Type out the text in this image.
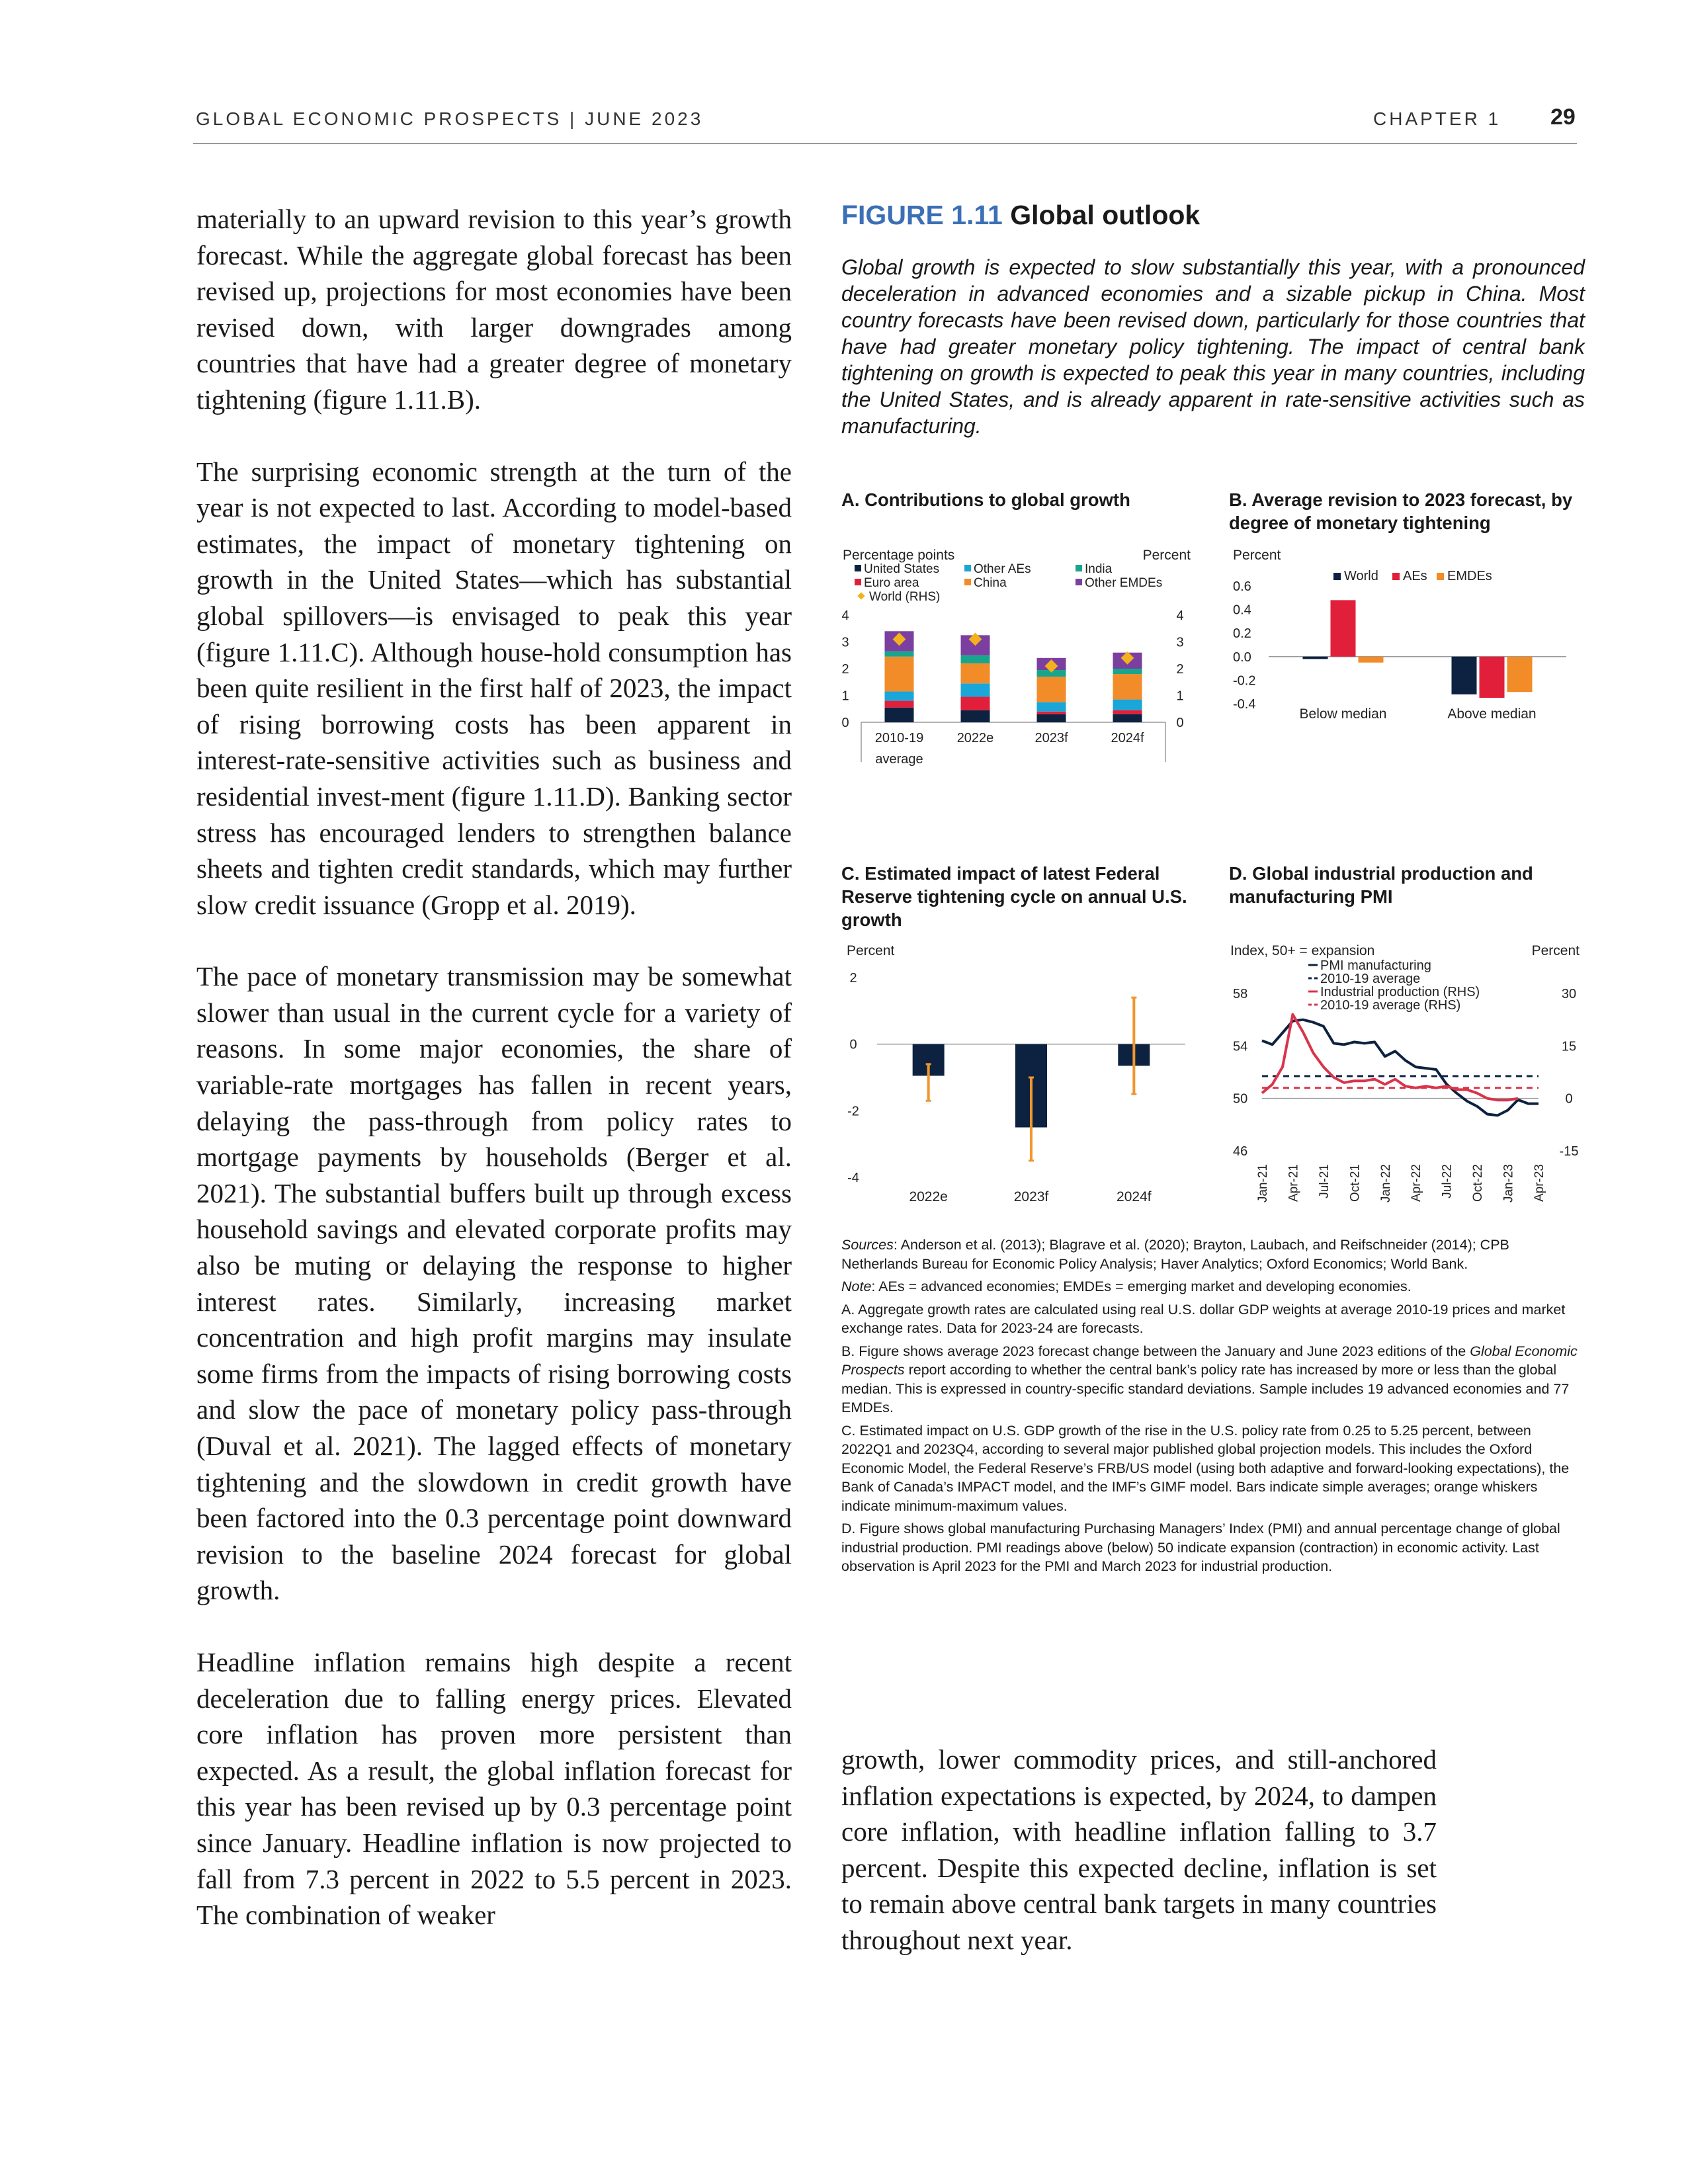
GLOBAL ECONOMIC PROSPECTS | JUNE 2023	CHAPTER 1 29

materially to an upward revision to this year’s growth forecast. While the aggregate global forecast has been revised up, projections for most economies have been revised down, with larger downgrades among countries that have had a greater degree of monetary tightening (figure 1.11.B).

The surprising economic strength at the turn of the year is not expected to last. According to model-based estimates, the impact of monetary tightening on growth in the United States—which has substantial global spillovers—is envisaged to peak this year (figure 1.11.C). Although house-hold consumption has been quite resilient in the first half of 2023, the impact of rising borrowing costs has been apparent in interest-rate-sensitive activities such as business and residential invest-ment (figure 1.11.D). Banking sector stress has encouraged lenders to strengthen balance sheets and tighten credit standards, which may further slow credit issuance (Gropp et al. 2019).

The pace of monetary transmission may be somewhat slower than usual in the current cycle for a variety of reasons. In some major economies, the share of variable-rate mortgages has fallen in recent years, delaying the pass-through from policy rates to mortgage payments by households (Berger et al. 2021). The substantial buffers built up through excess household savings and elevated corporate profits may also be muting or delaying the response to higher interest rates. Similarly, increasing market concentration and high profit margins may insulate some firms from the impacts of rising borrowing costs and slow the pace of monetary policy pass-through (Duval et al. 2021). The lagged effects of monetary tightening and the slowdown in credit growth have been factored into the 0.3 percentage point downward revision to the baseline 2024 forecast for global growth.

Headline inflation remains high despite a recent deceleration due to falling energy prices. Elevated core inflation has proven more persistent than expected. As a result, the global inflation forecast for this year has been revised up by 0.3 percentage point since January. Headline inflation is now projected to fall from 7.3 percent in 2022 to 5.5 percent in 2023. The combination of weaker

FIGURE 1.11 Global outlook

Global growth is expected to slow substantially this year, with a pronounced deceleration in advanced economies and a sizable pickup in China. Most country forecasts have been revised down, particularly for those countries that have had greater monetary policy tightening. The impact of central bank tightening on growth is expected to peak this year in many countries, including the United States, and is already apparent in rate-sensitive activities such as manufacturing.

A. Contributions to global growth	B. Average revision to 2023 forecast, by degree of monetary tightening
C. Estimated impact of latest Federal Reserve tightening cycle on annual U.S. growth
D. Global industrial production and manufacturing PMI
Percentage points	Percent
United States
Euro area
Other AEs
China
India
Other EMDEs
World (RHS)
0	0
1	1
2	2
3	3
4	4
2010-19
average
2022e	2023f	2024f
Percent
World AEs EMDEs
-0.4
-0.2
0.0
0.2
0.4
0.6
Below median	Above median
Percent
-4
-2
0
2
2022e	2023f	2024f
Index, 50+ = expansion	Percent
PMI manufacturing
2010-19 average
Industrial production (RHS)
2010-19 average (RHS)
46
50
54
58
-15
0
15
30
Jan-21 Apr-21 Jul-21 Oct-21 Jan-22 Apr-22 Jul-22 Oct-22 Jan-23 Apr-23

Sources: Anderson et al. (2013); Blagrave et al. (2020); Brayton, Laubach, and Reifschneider (2014); CPB Netherlands Bureau for Economic Policy Analysis; Haver Analytics; Oxford Economics; World Bank.

Note: AEs = advanced economies; EMDEs = emerging market and developing economies.

A. Aggregate growth rates are calculated using real U.S. dollar GDP weights at average 2010-19 prices and market exchange rates. Data for 2023-24 are forecasts.

B. Figure shows average 2023 forecast change between the January and June 2023 editions of the Global Economic Prospects report according to whether the central bank’s policy rate has increased by more or less than the global median. This is expressed in country-specific standard deviations. Sample includes 19 advanced economies and 77 EMDEs.

C. Estimated impact on U.S. GDP growth of the rise in the U.S. policy rate from 0.25 to 5.25 percent, between 2022Q1 and 2023Q4, according to several major published global projection models. This includes the Oxford Economic Model, the Federal Reserve’s FRB/US model (using both adaptive and forward-looking expectations), the Bank of Canada’s IMPACT model, and the IMF’s GIMF model. Bars indicate simple averages; orange whiskers indicate minimum-maximum values.

D. Figure shows global manufacturing Purchasing Managers’ Index (PMI) and annual percentage change of global industrial production. PMI readings above (below) 50 indicate expansion (contraction) in economic activity. Last observation is April 2023 for the PMI and March 2023 for industrial production.

growth, lower commodity prices, and still-anchored inflation expectations is expected, by 2024, to dampen core inflation, with headline inflation falling to 3.7 percent. Despite this expected decline, inflation is set to remain above central bank targets in many countries throughout next year.
